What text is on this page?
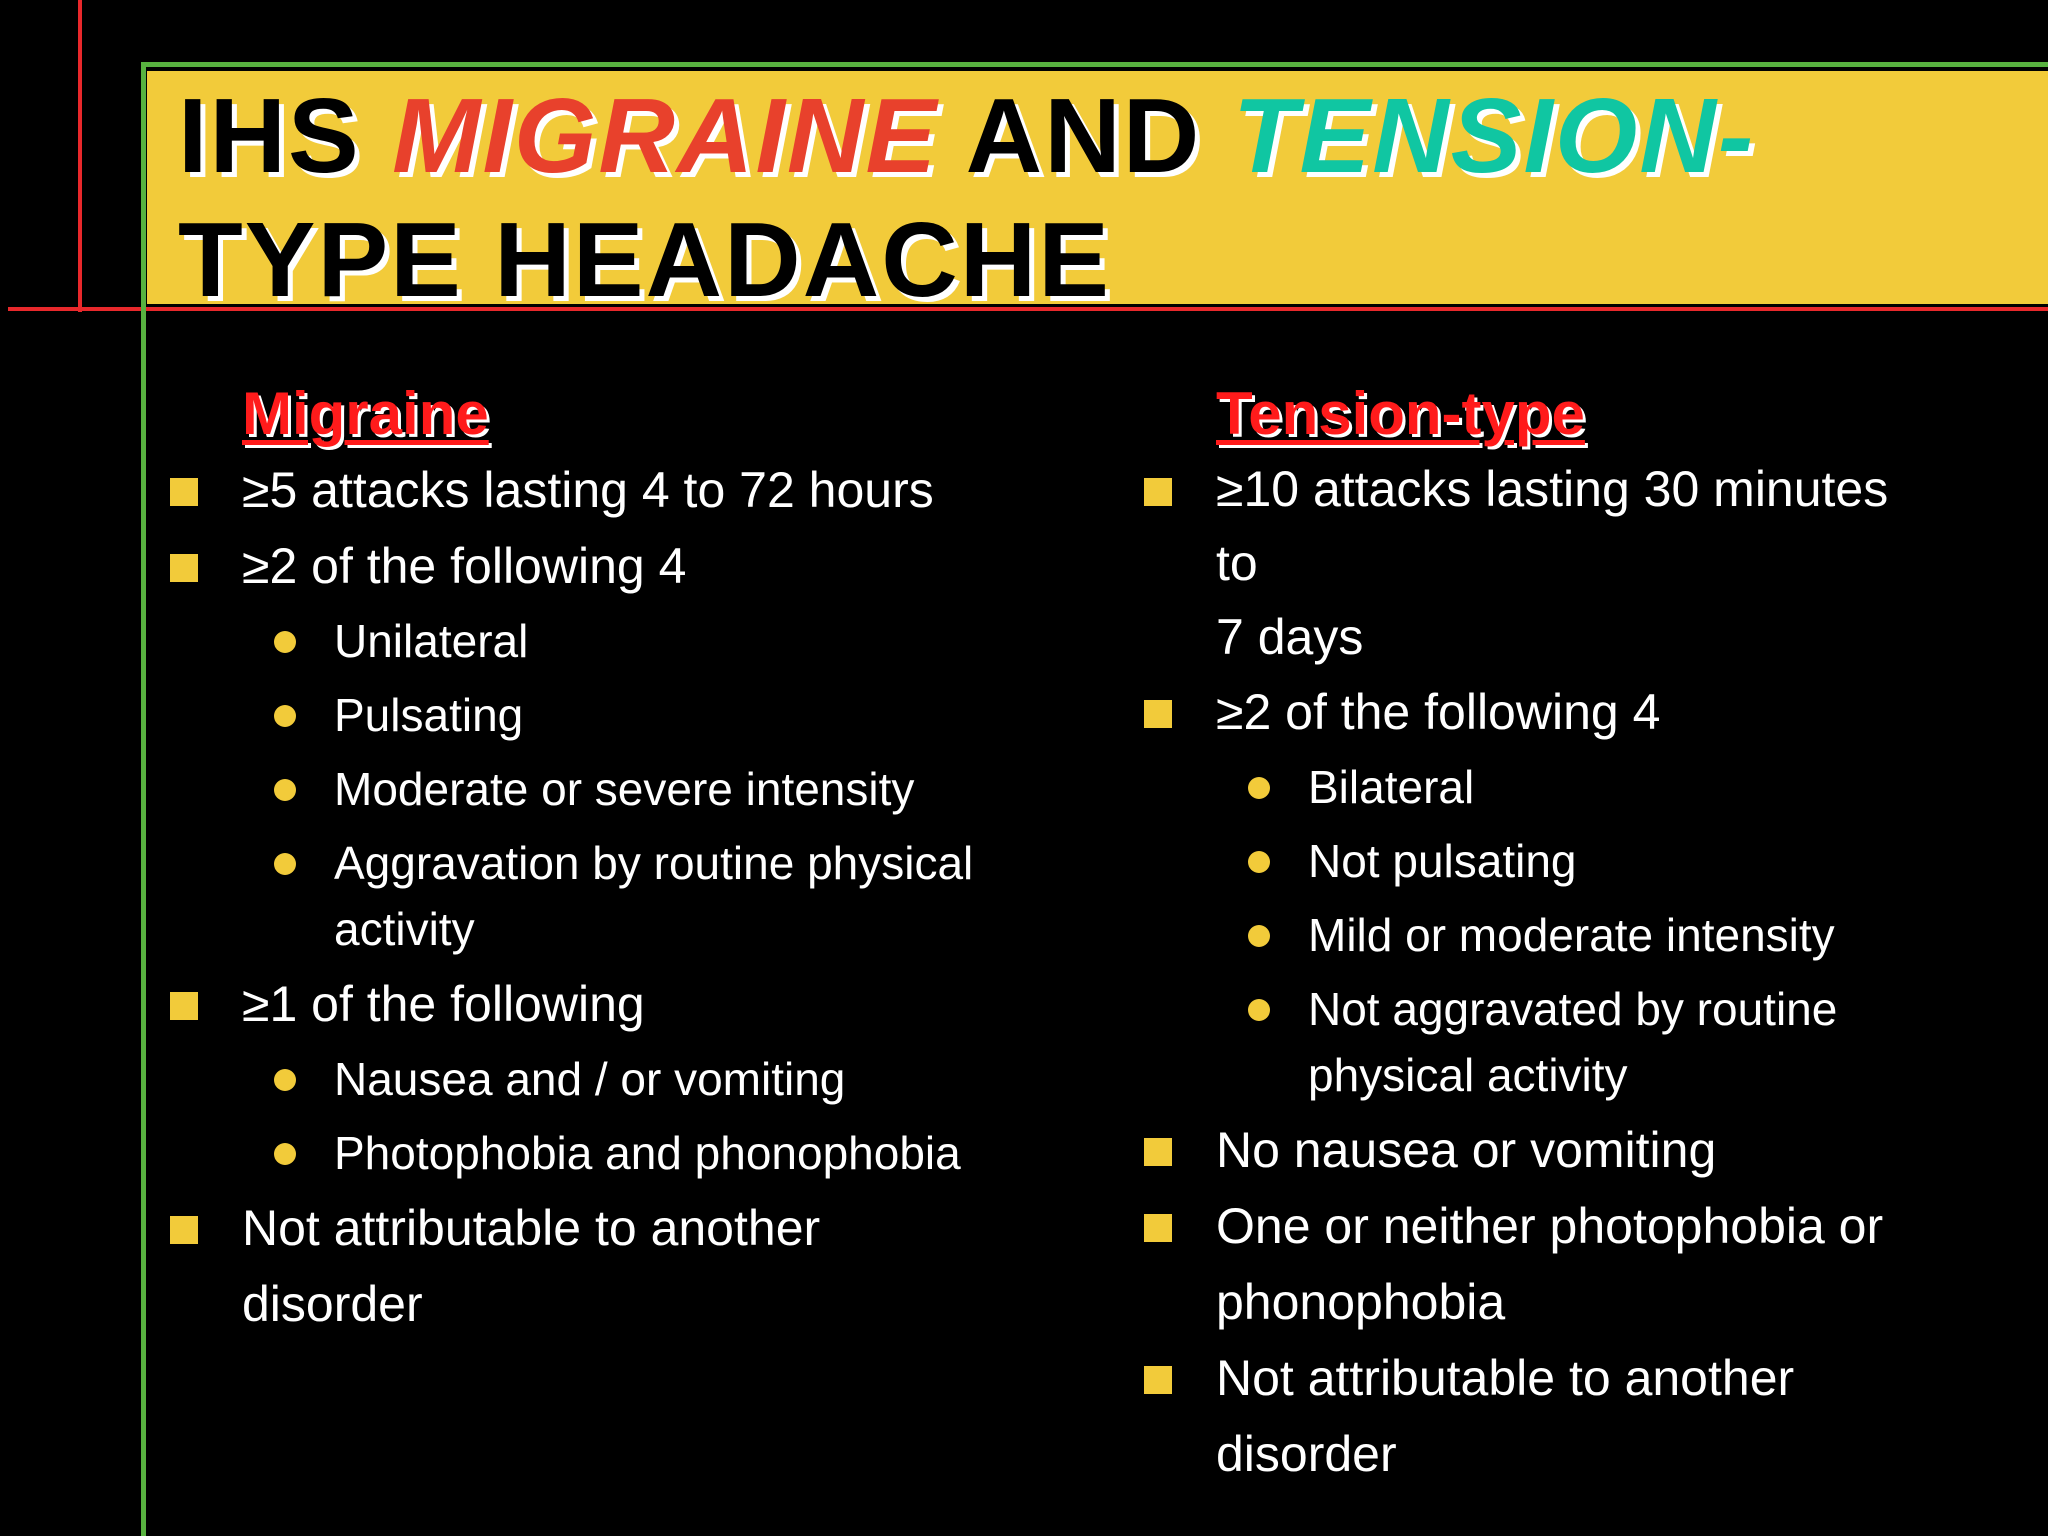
IHS MIGRAINE AND TENSION-
TYPE HEADACHE
Migraine
≥5 attacks lasting 4 to 72 hours
≥2 of the following 4
Unilateral
Pulsating
Moderate or severe intensity
Aggravation by routine physical activity
≥1 of the following
Nausea and / or vomiting
Photophobia and phonophobia
Not attributable to another disorder
Tension-type
≥10 attacks lasting 30 minutes
to
7 days
≥2 of the following 4
Bilateral
Not pulsating
Mild or moderate intensity
Not aggravated by routine physical activity
No nausea or vomiting
One or neither photophobia or phonophobia
Not attributable to another disorder
